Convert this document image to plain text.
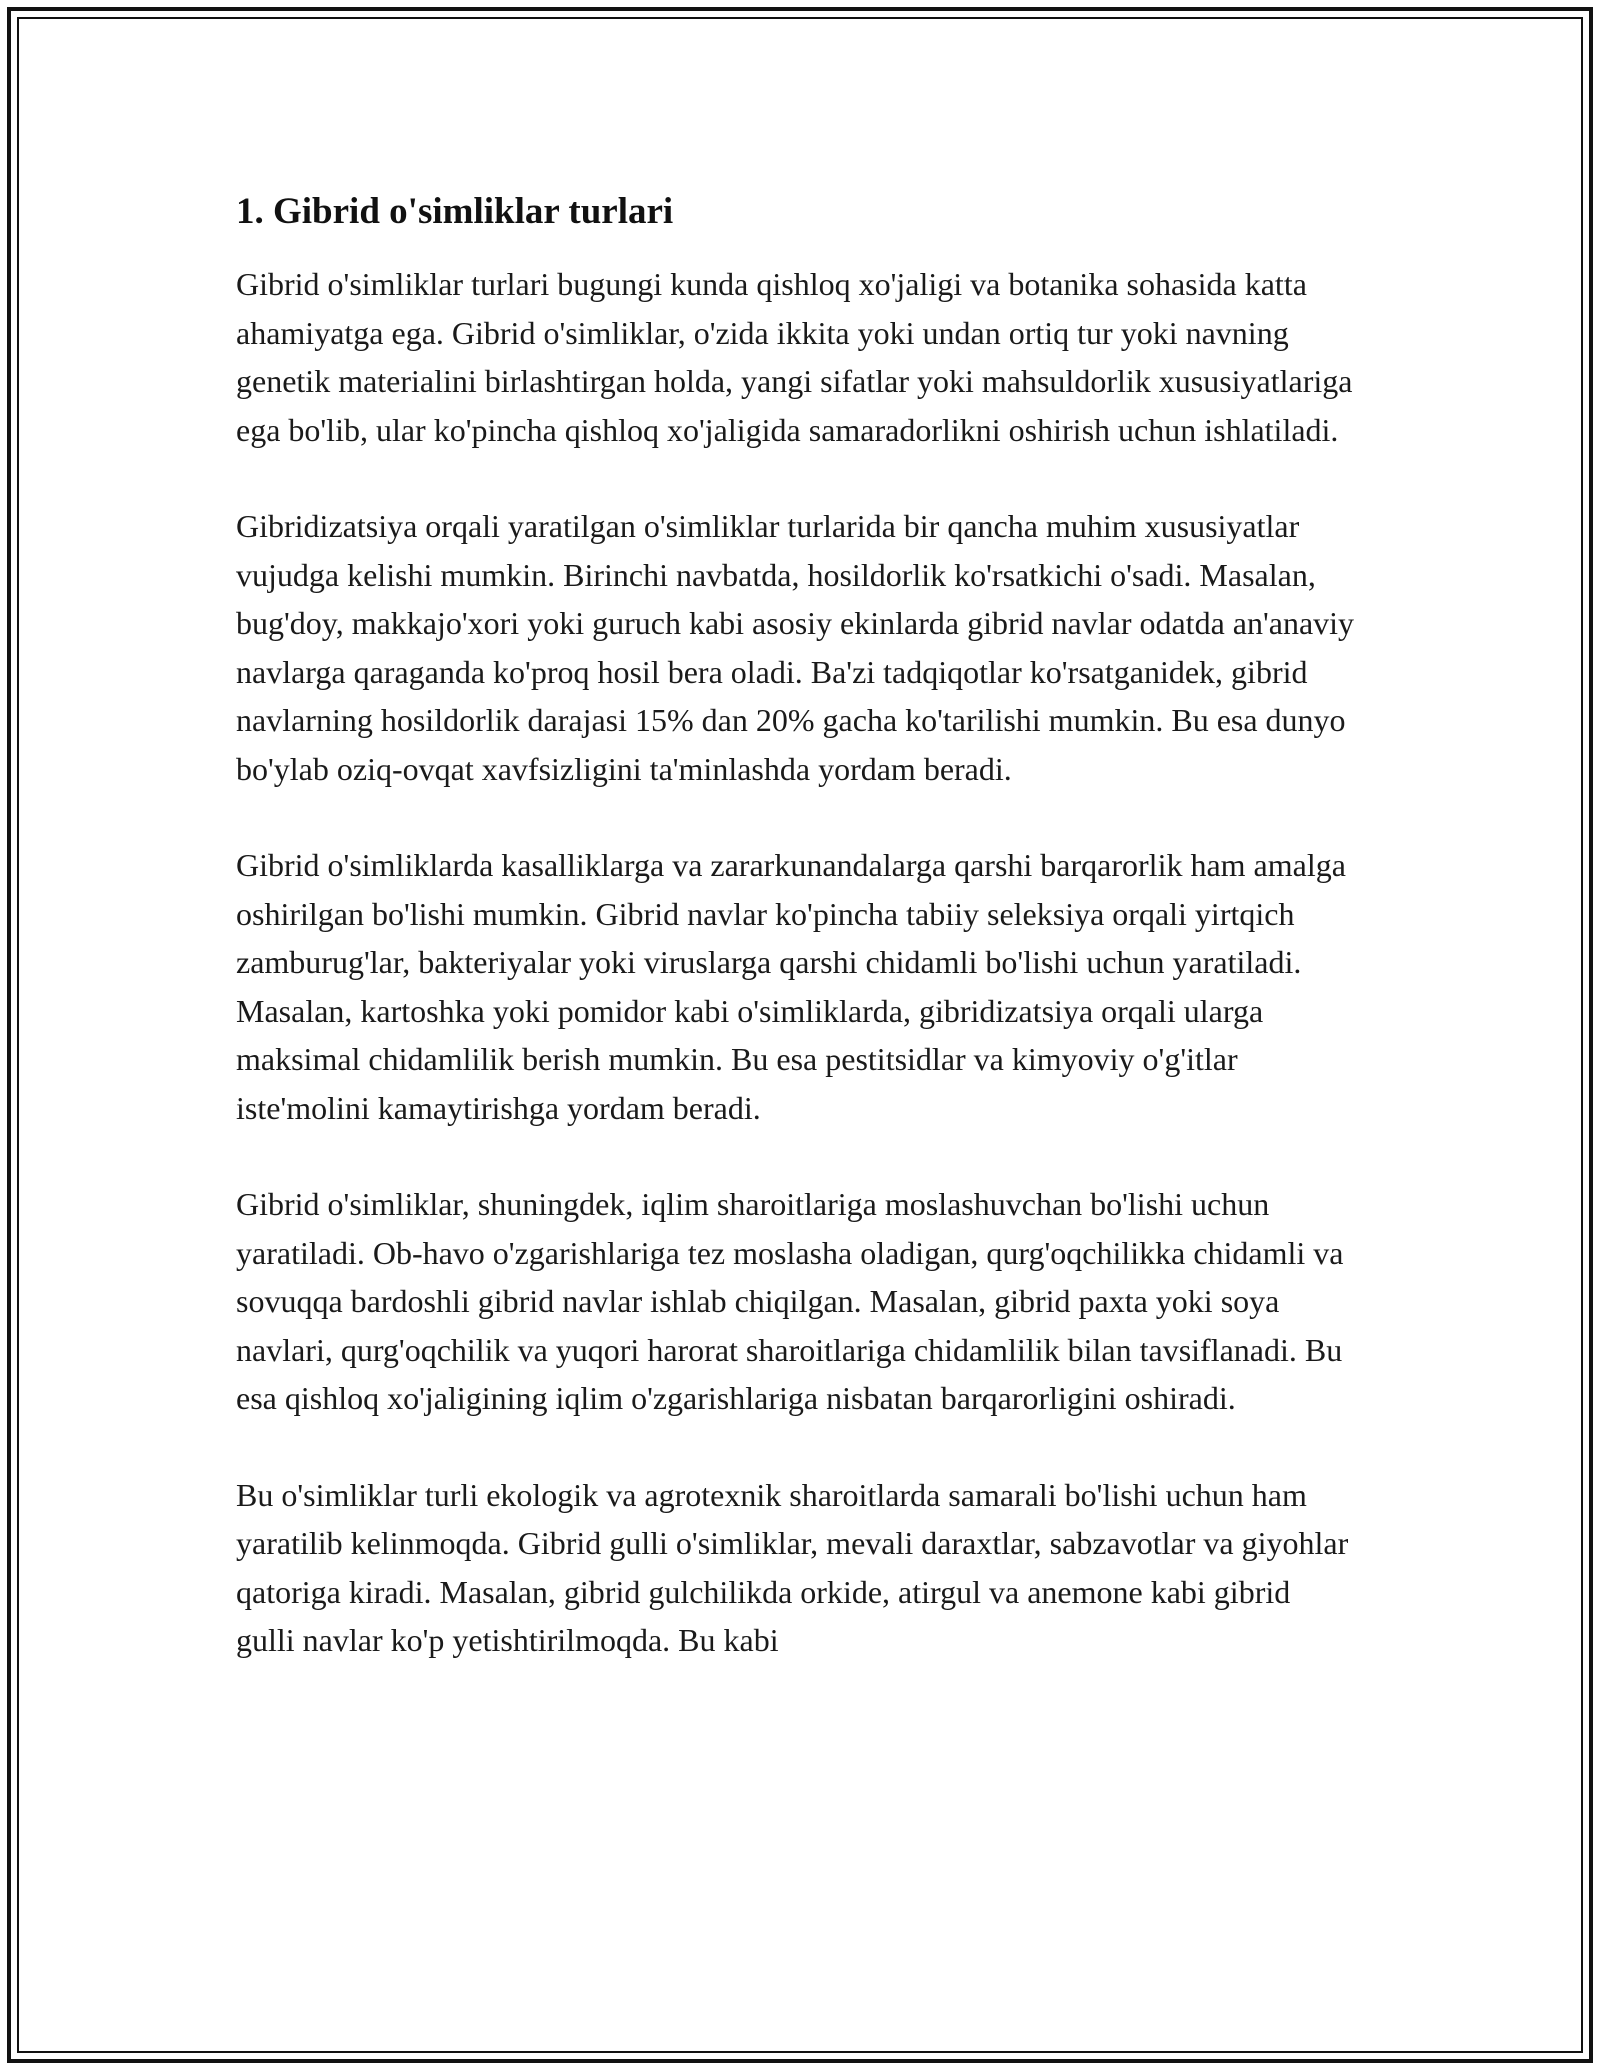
1. Gibrid o'simliklar turlari

Gibrid o'simliklar turlari bugungi kunda qishloq xo'jaligi va botanika sohasida katta ahamiyatga ega. Gibrid o'simliklar, o'zida ikkita yoki undan ortiq tur yoki navning genetik materialini birlashtirgan holda, yangi sifatlar yoki mahsuldorlik xususiyatlariga ega bo'lib, ular ko'pincha qishloq xo'jaligida samaradorlikni oshirish uchun ishlatiladi.

Gibridizatsiya orqali yaratilgan o'simliklar turlarida bir qancha muhim xususiyatlar vujudga kelishi mumkin. Birinchi navbatda, hosildorlik ko'rsatkichi o'sadi. Masalan, bug'doy, makkajo'xori yoki guruch kabi asosiy ekinlarda gibrid navlar odatda an'anaviy navlarga qaraganda ko'proq hosil bera oladi. Ba'zi tadqiqotlar ko'rsatganidek, gibrid navlarning hosildorlik darajasi 15% dan 20% gacha ko'tarilishi mumkin. Bu esa dunyo bo'ylab oziq-ovqat xavfsizligini ta'minlashda yordam beradi.

Gibrid o'simliklarda kasalliklarga va zararkunandalarga qarshi barqarorlik ham amalga oshirilgan bo'lishi mumkin. Gibrid navlar ko'pincha tabiiy seleksiya orqali yirtqich zamburug'lar, bakteriyalar yoki viruslarga qarshi chidamli bo'lishi uchun yaratiladi. Masalan, kartoshka yoki pomidor kabi o'simliklarda, gibridizatsiya orqali ularga maksimal chidamlilik berish mumkin. Bu esa pestitsidlar va kimyoviy o'g'itlar iste'molini kamaytirishga yordam beradi.

Gibrid o'simliklar, shuningdek, iqlim sharoitlariga moslashuvchan bo'lishi uchun yaratiladi. Ob-havo o'zgarishlariga tez moslasha oladigan, qurg'oqchilikka chidamli va sovuqqa bardoshli gibrid navlar ishlab chiqilgan. Masalan, gibrid paxta yoki soya navlari, qurg'oqchilik va yuqori harorat sharoitlariga chidamlilik bilan tavsiflanadi. Bu esa qishloq xo'jaligining iqlim o'zgarishlariga nisbatan barqarorligini oshiradi.

Bu o'simliklar turli ekologik va agrotexnik sharoitlarda samarali bo'lishi uchun ham yaratilib kelinmoqda. Gibrid gulli o'simliklar, mevali daraxtlar, sabzavotlar va giyohlar qatoriga kiradi. Masalan, gibrid gulchilikda orkide, atirgul va anemone kabi gibrid gulli navlar ko'p yetishtirilmoqda. Bu kabi
